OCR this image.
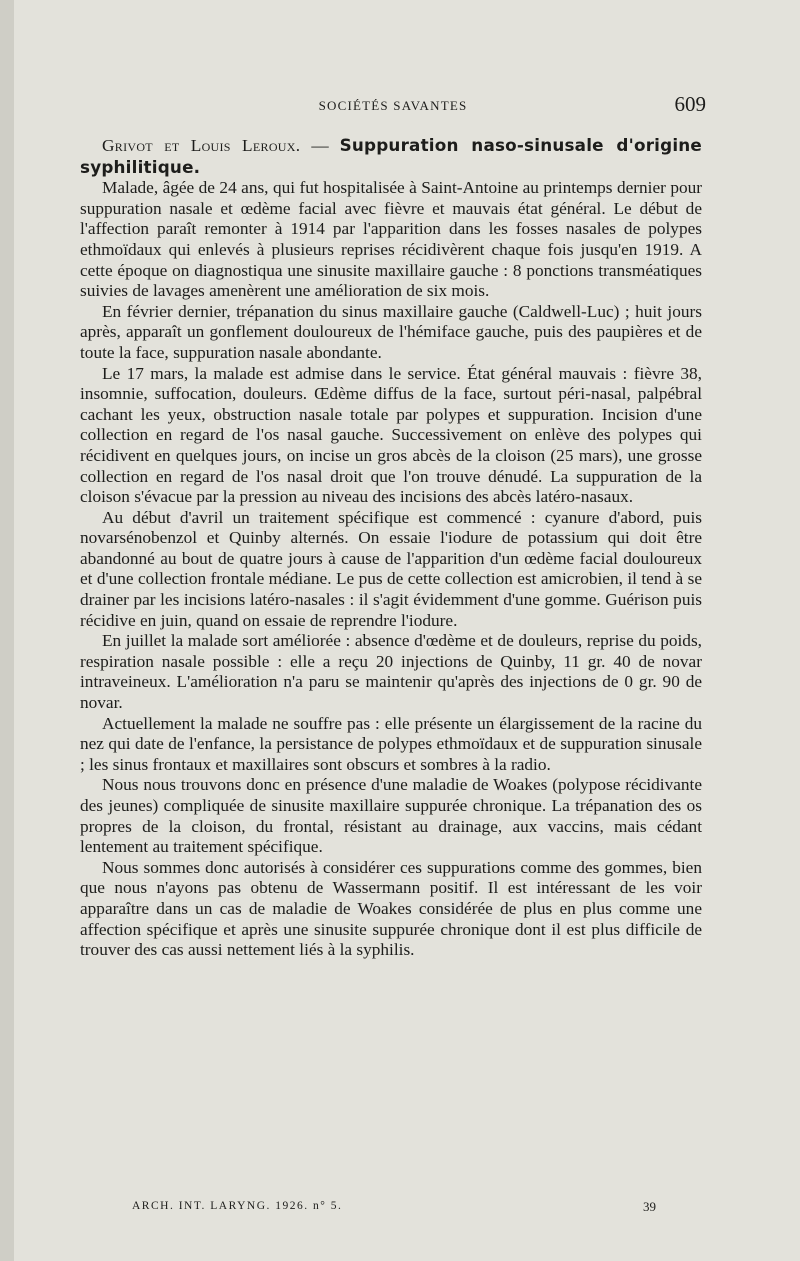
SOCIÉTÉS SAVANTES	609

Grivot et Louis Leroux. — Suppuration naso-sinusale d'origine syphilitique.

Malade, âgée de 24 ans, qui fut hospitalisée à Saint-Antoine au printemps dernier pour suppuration nasale et œdème facial avec fièvre et mauvais état général. Le début de l'affection paraît remonter à 1914 par l'apparition dans les fosses nasales de polypes ethmoïdaux qui enlevés à plusieurs reprises récidivèrent chaque fois jusqu'en 1919. A cette époque on diagnostiqua une sinusite maxillaire gauche : 8 ponctions transméatiques suivies de lavages amenèrent une amélioration de six mois.

En février dernier, trépanation du sinus maxillaire gauche (Caldwell-Luc) ; huit jours après, apparaît un gonflement douloureux de l'hémiface gauche, puis des paupières et de toute la face, suppuration nasale abondante.

Le 17 mars, la malade est admise dans le service. État général mauvais : fièvre 38, insomnie, suffocation, douleurs. Œdème diffus de la face, surtout péri-nasal, palpébral cachant les yeux, obstruction nasale totale par polypes et suppuration. Incision d'une collection en regard de l'os nasal gauche. Successivement on enlève des polypes qui récidivent en quelques jours, on incise un gros abcès de la cloison (25 mars), une grosse collection en regard de l'os nasal droit que l'on trouve dénudé. La suppuration de la cloison s'évacue par la pression au niveau des incisions des abcès latéro-nasaux.

Au début d'avril un traitement spécifique est commencé : cyanure d'abord, puis novarsénobenzol et Quinby alternés. On essaie l'iodure de potassium qui doit être abandonné au bout de quatre jours à cause de l'apparition d'un œdème facial douloureux et d'une collection frontale médiane. Le pus de cette collection est amicrobien, il tend à se drainer par les incisions latéro-nasales : il s'agit évidemment d'une gomme. Guérison puis récidive en juin, quand on essaie de reprendre l'iodure.

En juillet la malade sort améliorée : absence d'œdème et de douleurs, reprise du poids, respiration nasale possible : elle a reçu 20 injections de Quinby, 11 gr. 40 de novar intraveineux. L'amélioration n'a paru se maintenir qu'après des injections de 0 gr. 90 de novar.

Actuellement la malade ne souffre pas : elle présente un élargissement de la racine du nez qui date de l'enfance, la persistance de polypes ethmoïdaux et de suppuration sinusale ; les sinus frontaux et maxillaires sont obscurs et sombres à la radio.

Nous nous trouvons donc en présence d'une maladie de Woakes (polypose récidivante des jeunes) compliquée de sinusite maxillaire suppurée chronique. La trépanation des os propres de la cloison, du frontal, résistant au drainage, aux vaccins, mais cédant lentement au traitement spécifique.

Nous sommes donc autorisés à considérer ces suppurations comme des gommes, bien que nous n'ayons pas obtenu de Wassermann positif. Il est intéressant de les voir apparaître dans un cas de maladie de Woakes considérée de plus en plus comme une affection spécifique et après une sinusite suppurée chronique dont il est plus difficile de trouver des cas aussi nettement liés à la syphilis.

ARCH. INT. LARYNG. 1926. n° 5.	39
